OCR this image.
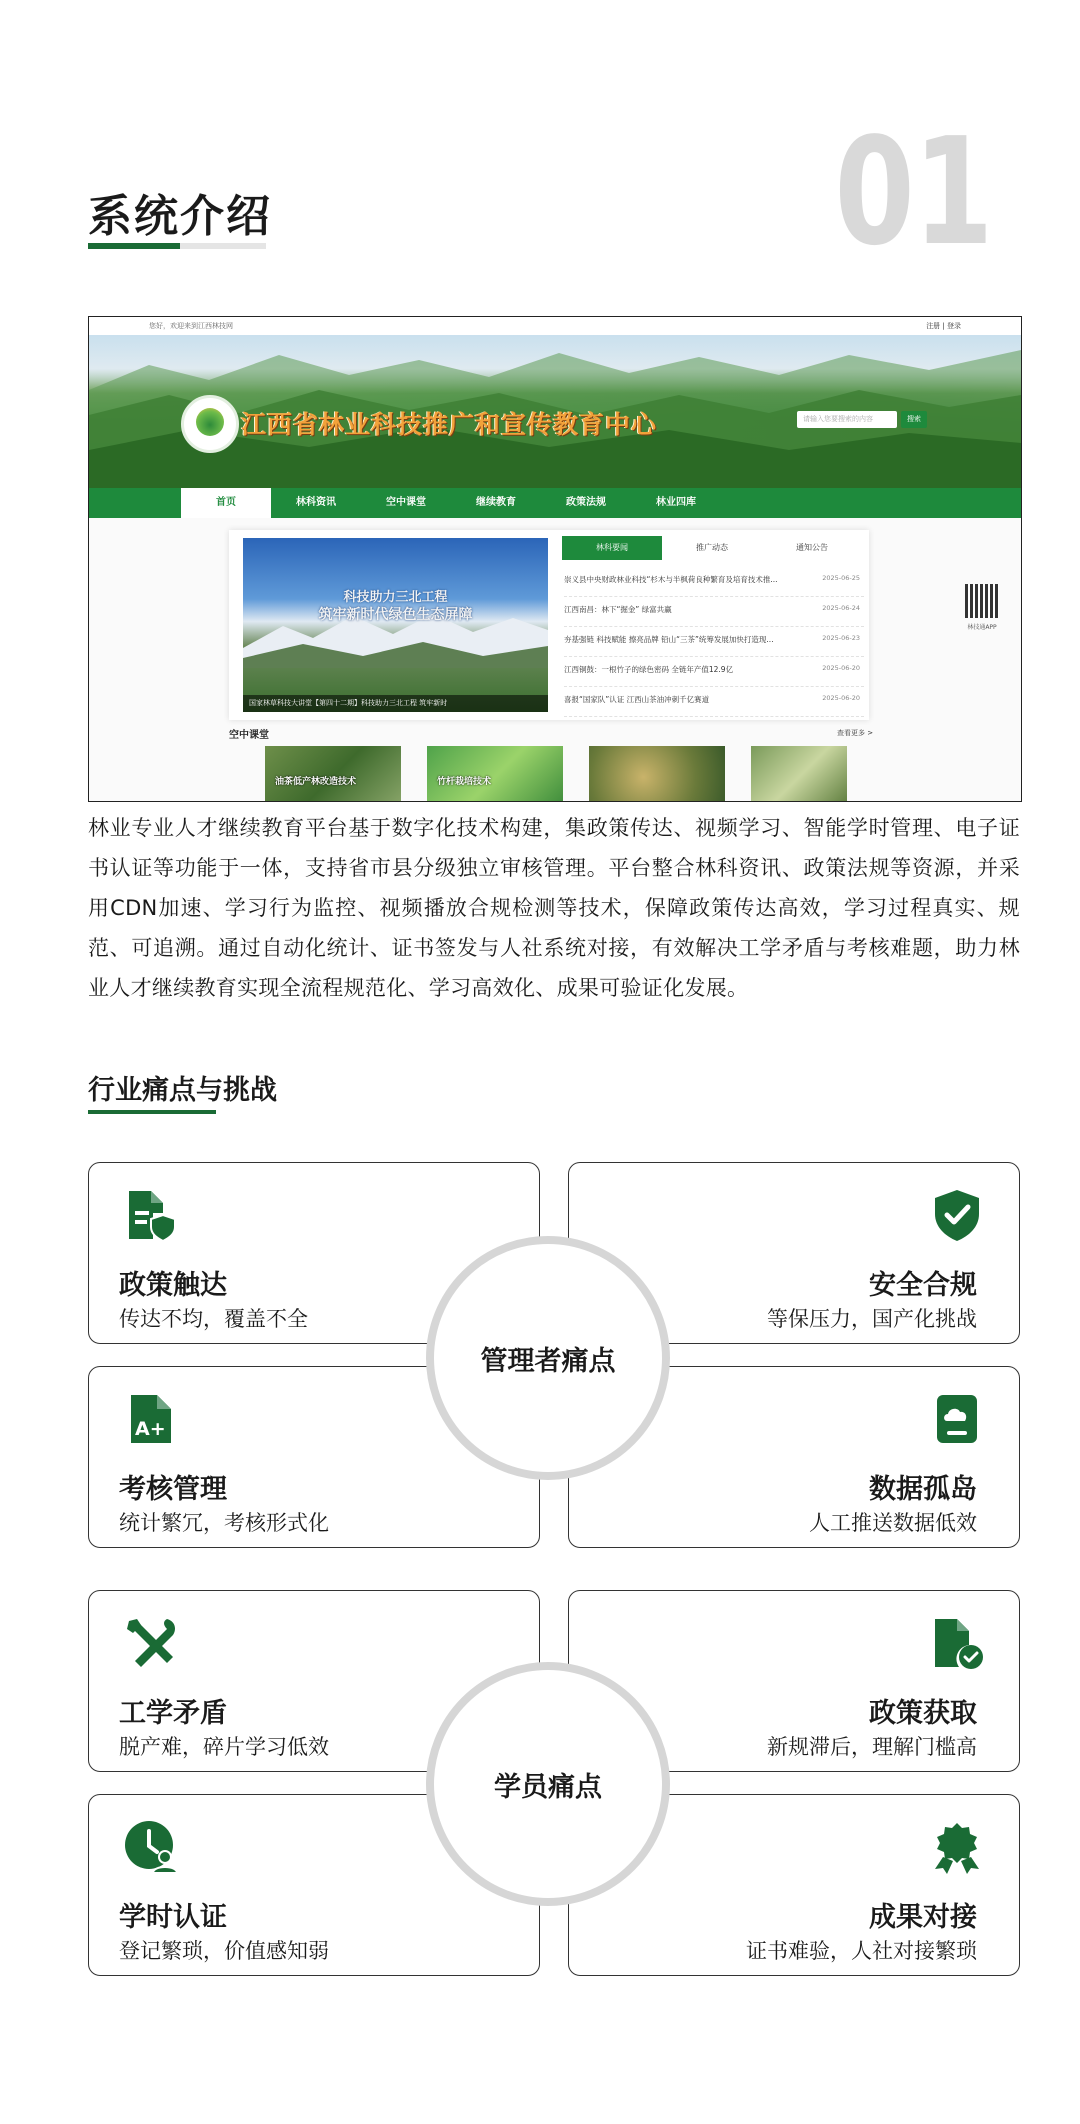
系统介绍	01
您好，欢迎来到江西林技网	注册 | 登录
江西省林业科技推广和宣传教育中心	请输入您要搜索的内容	搜索
首页	林科资讯	空中课堂	继续教育	政策法规	林业四库
科技助力三北工程
筑牢新时代绿色生态屏障
国家林草科技大讲堂【第四十二期】科技助力三北工程 筑牢新时
林科要闻	推广动态	通知公告
崇义县中央财政林业科技“杉木与半枫荷良种繁育及培育技术推...	2025-06-25
江西南昌：林下“掘金” 绿富共赢	2025-06-24
夯基强链 科技赋能 擦亮品牌 铅山“三茶”统筹发展加快打造现...	2025-06-23
江西铜鼓：一根竹子的绿色密码 全链年产值12.9亿	2025-06-20
喜报“国家队”认证 江西山茶油冲刺千亿赛道	2025-06-20
林技通APP
空中课堂	查看更多 >
油茶低产林改造技术	竹杆栽培技术
林业专业人才继续教育平台基于数字化技术构建，集政策传达、视频学习、智能学时管理、电子证书认证等功能于一体，支持省市县分级独立审核管理。平台整合林科资讯、政策法规等资源，并采用CDN加速、学习行为监控、视频播放合规检测等技术，保障政策传达高效，学习过程真实、规范、可追溯。通过自动化统计、证书签发与人社系统对接，有效解决工学矛盾与考核难题，助力林业人才继续教育实现全流程规范化、学习高效化、成果可验证化发展。
行业痛点与挑战
政策触达
传达不均，覆盖不全
安全合规
等保压力，国产化挑战
A+
考核管理
统计繁冗，考核形式化
数据孤岛
人工推送数据低效
管理者痛点
工学矛盾
脱产难，碎片学习低效
政策获取
新规滞后，理解门槛高
学时认证
登记繁琐，价值感知弱
成果对接
证书难验，人社对接繁琐
学员痛点
